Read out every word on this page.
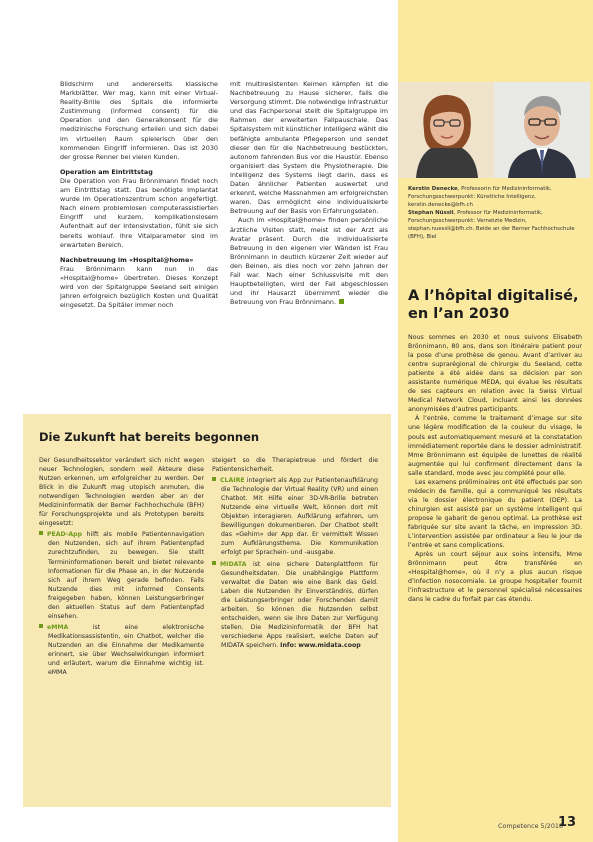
Bildschirm und andererseits klassische Markblätter. Wer mag, kann mit einer Virtual-Reality-Brille des Spitals die informierte Zustimmung (informed consent) für die Operation und den Generalkonsent für die medizinische Forschung erteilen und sich dabei im virtuellen Raum spielerisch über den kommenden Eingriff informieren. Das ist 2030 der grosse Renner bei vielen Kunden.

Operation am Eintrittstag

Die Operation von Frau Brönnimann findet noch am Eintrittstag statt. Das benötigte Implantat wurde im Operationszentrum schon angefertigt. Nach einem problemlosen computerassistierten Eingriff und kurzem, komplikationslosem Aufenthalt auf der Intensivstation, fühlt sie sich bereits wohlauf. Ihre Vitalparameter sind im erwarteten Bereich.

Nachbetreuung im «Hospital@home»

Frau Brönnimann kann nun in das «Hospital@home» übertreten. Dieses Konzept wird von der Spitalgruppe Seeland seit einigen Jahren erfolgreich bezüglich Kosten und Qualität eingesetzt. Da Spitäler immer noch

mit multiresistenten Keimen kämpfen ist die Nachbetreuung zu Hause sicherer, falls die Versorgung stimmt. Die notwendige Infrastruktur und das Fachpersonal stellt die Spitalgruppe im Rahmen der erweiterten Fallpauschale. Das Spitalsystem mit künstlicher Intelligenz wählt die befähigte ambulante Pflegeperson und sendet dieser den für die Nachbetreuung bestückten, autonom fahrenden Bus vor die Haustür. Ebenso organisiert das System die Physiotherapie. Die Intelligenz des Systems liegt darin, dass es Daten ähnlicher Patienten auswertet und erkennt, welche Massnahmen am erfolgreichsten waren. Das ermöglicht eine individualisierte Betreuung auf der Basis von Erfahrungsdaten.

Auch im «Hospital@home» finden persönliche ärztliche Visiten statt, meist ist der Arzt als Avatar präsent. Durch die individualisierte Betreuung in den eigenen vier Wänden ist Frau Brönnimann in deutlich kürzerer Zeit wieder auf den Beinen, als dies noch vor zehn Jahren der Fall war. Nach einer Schlussvisite mit den Hauptbeteiligten, wird der Fall abgeschlossen und ihr Hausarzt übernimmt wieder die Betreuung von Frau Brönnimann.

Die Zukunft hat bereits begonnen

Der Gesundheitssektor verändert sich nicht wegen neuer Technologien, sondern weil Akteure diese Nutzen erkennen, um erfolgreicher zu werden. Der Blick in die Zukunft mag utopisch anmuten, die notwendigen Technologien werden aber an der Medizininformatik der Berner Fachhochschule (BFH) für Forschungsprojekte und als Prototypen bereits eingesetzt:

PEAD-App hilft als mobile Patientennavigation den Nutzenden, sich auf ihrem Patientenpfad zurechtzufinden, zu bewegen. Sie stellt Termininformationen bereit und bietet relevante Informationen für die Phase an, in der Nutzende sich auf ihrem Weg gerade befinden. Falls Nutzende dies mit informed Consents freigegeben haben, können Leistungserbringer den aktuellen Status auf dem Patientenpfad einsehen.

eMMA ist eine elektronische Medikationsassistentin, ein Chatbot, welcher die Nutzenden an die Einnahme der Medikamente erinnert, sie über Wechselwirkungen informiert und erläutert, warum die Einnahme wichtig ist. eMMA

steigert so die Therapietreue und fördert die Patientensicherheit.

CLAIRE integriert als App zur Patientenaufklärung die Technologie der Virtual Reality (VR) und einen Chatbot. Mit Hilfe einer 3D-VR-Brille betreten Nutzende eine virtuelle Welt, können dort mit Objekten interagieren. Aufklärung erfahren, um Bewilligungen dokumentieren. Der Chatbot stellt das «Gehirn» der App dar. Er vermittelt Wissen zum Aufklärungsthema. Die Kommunikation erfolgt per Sprachein- und -ausgabe.

MIDATA ist eine sichere Datenplattform für Gesundheitsdaten. Die unabhängige Plattform verwaltet die Daten wie eine Bank das Geld. Laben die Nutzenden ihr Einverständnis, dürfen die Leistungserbringer oder Forschenden damit arbeiten. So können die Nutzenden selbst entscheiden, wenn sie ihre Daten zur Verfügung stellen. Die Medizininformatik der BFH hat verschiedene Apps realisiert, welche Daten auf MIDATA speichern. Info: www.midata.coop

Kerstin Denecke, Professorin für Medizininformatik, Forschungsschwerpunkt: Künstliche Intelligenz, kerstin.denecke@bfh.ch

Stephan Nüssli, Professor für Medizininformatik, Forschungsschwerpunkt: Vernetzte Medizin, stephan.nuessli@bfh.ch. Beide an der Berner Fachhochschule (BFH), Biel

A l’hôpital digitalisé, en l’an 2030

Nous sommes en 2030 et nous suivons Elisabeth Brönnimann, 80 ans, dans son itinéraire patient pour la pose d’une prothèse de genou. Avant d’arriver au centre suprarégional de chirurgie du Seeland, cette patiente a été aidée dans sa décision par son assistante numérique MEDA, qui évalue les résultats de ses capteurs en relation avec la Swiss Virtual Medical Network Cloud, incluant ainsi les données anonymisées d’autres participants.

À l’entrée, comme le traitement d’image sur site une légère modification de la couleur du visage, le pouls est automatiquement mesuré et la constatation immédiatement reportée dans le dossier administratif. Mme Brönnimann est équipée de lunettes de réalité augmentée qui lui confirment directement dans la salle standard, mode avec jeu complété pour elle.

Les examens préliminaires ont été effectués par son médecin de famille, qui a communiqué les résultats via le dossier électronique du patient (DEP). La chirurgien est assisté par un système intelligent qui propose le gabarit de genou optimal. La prothèse est fabriquée sur site avant la tâche, en impression 3D. L’intervention assistée par ordinateur a lieu le jour de l’entrée et sans complications.

Après un court séjour aux soins intensifs, Mme Brönnimann peut être transférée en «Hospital@home», où il n’y a plus aucun risque d’infection nosocomiale. Le groupe hospitalier fournit l’infrastructure et le personnel spécialisé nécessaires dans le cadre du forfait par cas étendu.

Competence 5/2018

13
